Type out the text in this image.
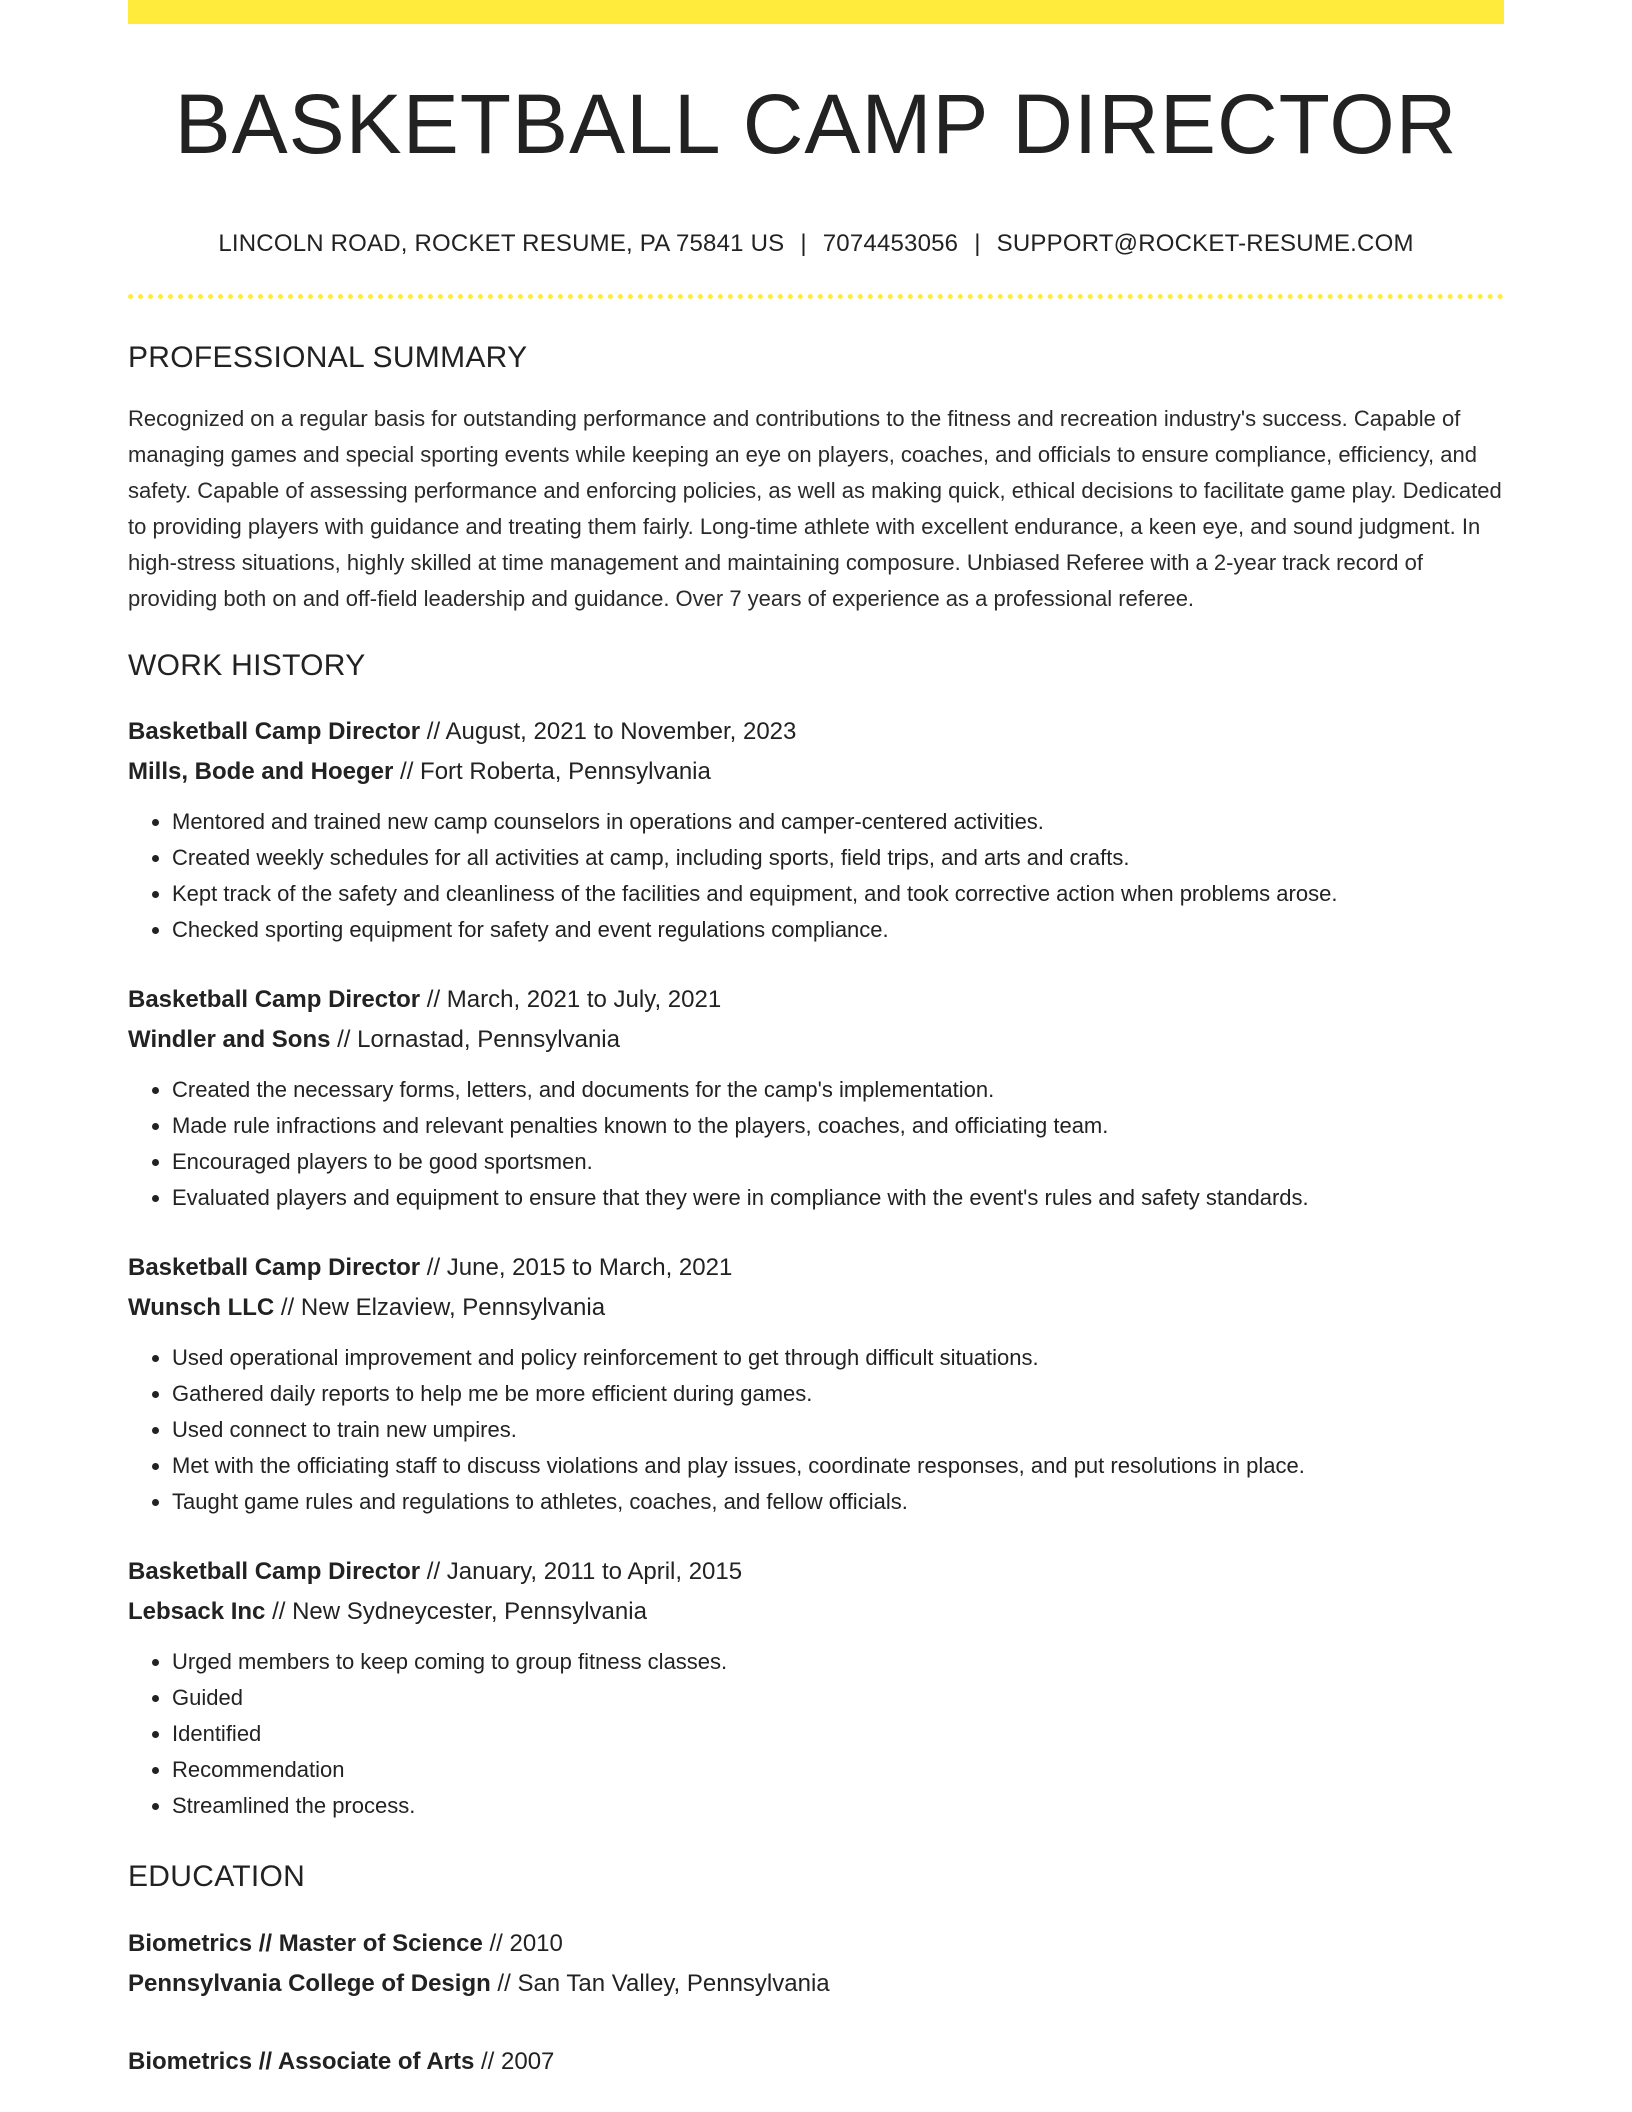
BASKETBALL CAMP DIRECTOR
LINCOLN ROAD, ROCKET RESUME, PA 75841 US | 7074453056 | SUPPORT@ROCKET-RESUME.COM
PROFESSIONAL SUMMARY

Recognized on a regular basis for outstanding performance and contributions to the fitness and recreation industry's success. Capable of managing games and special sporting events while keeping an eye on players, coaches, and officials to ensure compliance, efficiency, and safety. Capable of assessing performance and enforcing policies, as well as making quick, ethical decisions to facilitate game play. Dedicated to providing players with guidance and treating them fairly. Long-time athlete with excellent endurance, a keen eye, and sound judgment. In high-stress situations, highly skilled at time management and maintaining composure. Unbiased Referee with a 2-year track record of providing both on and off-field leadership and guidance. Over 7 years of experience as a professional referee.

WORK HISTORY
Basketball Camp Director // August, 2021 to November, 2023
Mills, Bode and Hoeger // Fort Roberta, Pennsylvania
• Mentored and trained new camp counselors in operations and camper-centered activities.
• Created weekly schedules for all activities at camp, including sports, field trips, and arts and crafts.
• Kept track of the safety and cleanliness of the facilities and equipment, and took corrective action when problems arose.
• Checked sporting equipment for safety and event regulations compliance.
Basketball Camp Director // March, 2021 to July, 2021
Windler and Sons // Lornastad, Pennsylvania
• Created the necessary forms, letters, and documents for the camp's implementation.
• Made rule infractions and relevant penalties known to the players, coaches, and officiating team.
• Encouraged players to be good sportsmen.
• Evaluated players and equipment to ensure that they were in compliance with the event's rules and safety standards.
Basketball Camp Director // June, 2015 to March, 2021
Wunsch LLC // New Elzaview, Pennsylvania
• Used operational improvement and policy reinforcement to get through difficult situations.
• Gathered daily reports to help me be more efficient during games.
• Used connect to train new umpires.
• Met with the officiating staff to discuss violations and play issues, coordinate responses, and put resolutions in place.
• Taught game rules and regulations to athletes, coaches, and fellow officials.
Basketball Camp Director // January, 2011 to April, 2015
Lebsack Inc // New Sydneycester, Pennsylvania
• Urged members to keep coming to group fitness classes.
• Guided
• Identified
• Recommendation
• Streamlined the process.
EDUCATION
Biometrics // Master of Science // 2010
Pennsylvania College of Design // San Tan Valley, Pennsylvania
Biometrics // Associate of Arts // 2007
